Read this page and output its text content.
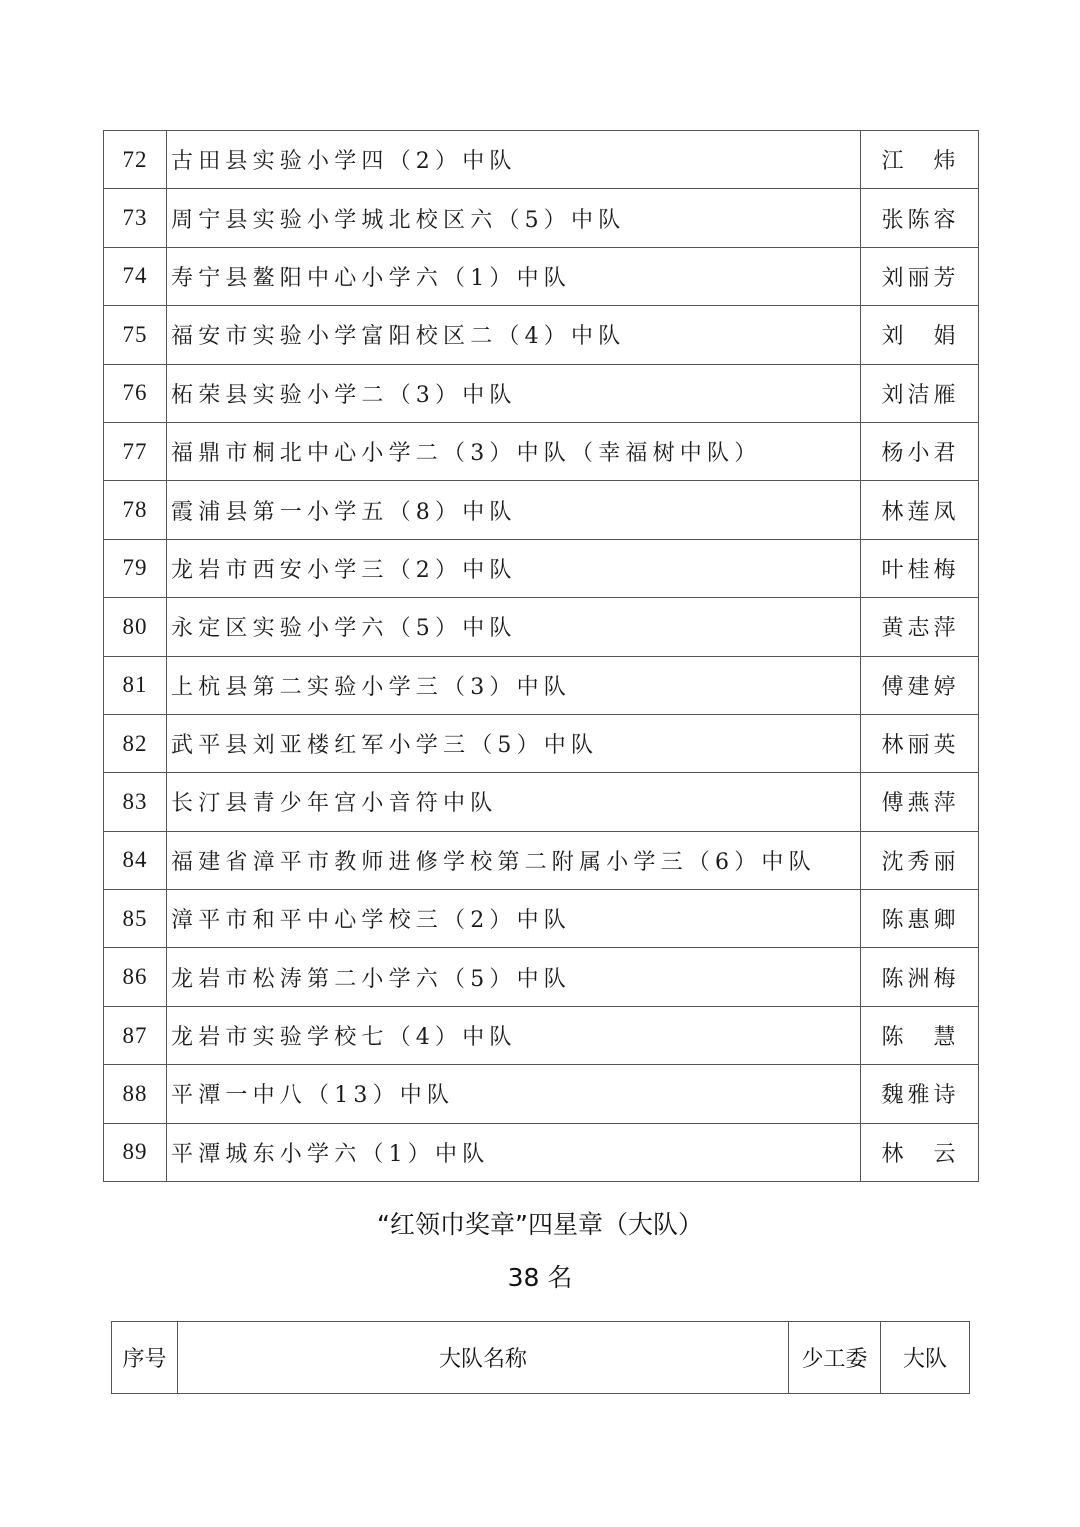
72	古田县实验小学四（2）中队	江　炜
73	周宁县实验小学城北校区六（5）中队	张陈容
74	寿宁县鳌阳中心小学六（1）中队	刘丽芳
75	福安市实验小学富阳校区二（4）中队	刘　娟
76	柘荣县实验小学二（3）中队	刘洁雁
77	福鼎市桐北中心小学二（3）中队（幸福树中队）	杨小君
78	霞浦县第一小学五（8）中队	林莲凤
79	龙岩市西安小学三（2）中队	叶桂梅
80	永定区实验小学六（5）中队	黄志萍
81	上杭县第二实验小学三（3）中队	傅建婷
82	武平县刘亚楼红军小学三（5）中队	林丽英
83	长汀县青少年宫小音符中队	傅燕萍
84	福建省漳平市教师进修学校第二附属小学三（6）中队	沈秀丽
85	漳平市和平中心学校三（2）中队	陈惠卿
86	龙岩市松涛第二小学六（5）中队	陈洲梅
87	龙岩市实验学校七（4）中队	陈　慧
88	平潭一中八（13）中队	魏雅诗
89	平潭城东小学六（1）中队	林　云
“红领巾奖章”四星章（大队）
38 名
序号	大队名称	少工委	大队
